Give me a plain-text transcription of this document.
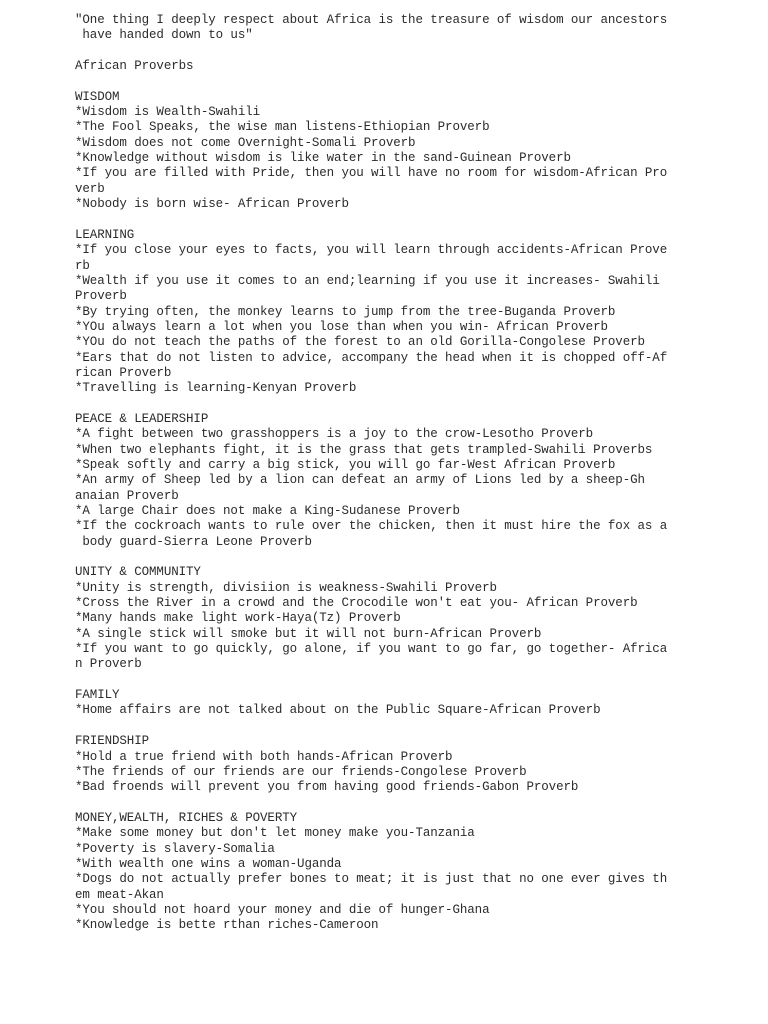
"One thing I deeply respect about Africa is the treasure of wisdom our ancestors
have handed down to us"
African Proverbs
WISDOM
*Wisdom is Wealth-Swahili
*The Fool Speaks, the wise man listens-Ethiopian Proverb
*Wisdom does not come Overnight-Somali Proverb
*Knowledge without wisdom is like water in the sand-Guinean Proverb
*If you are filled with Pride, then you will have no room for wisdom-African Pro
verb
*Nobody is born wise- African Proverb
LEARNING
*If you close your eyes to facts, you will learn through accidents-African Prove
rb
*Wealth if you use it comes to an end;learning if you use it increases- Swahili
Proverb
*By trying often, the monkey learns to jump from the tree-Buganda Proverb
*YOu always learn a lot when you lose than when you win- African Proverb
*YOu do not teach the paths of the forest to an old Gorilla-Congolese Proverb
*Ears that do not listen to advice, accompany the head when it is chopped off-Af
rican Proverb
*Travelling is learning-Kenyan Proverb
PEACE & LEADERSHIP
*A fight between two grasshoppers is a joy to the crow-Lesotho Proverb
*When two elephants fight, it is the grass that gets trampled-Swahili Proverbs
*Speak softly and carry a big stick, you will go far-West African Proverb
*An army of Sheep led by a lion can defeat an army of Lions led by a sheep-Gh
anaian Proverb
*A large Chair does not make a King-Sudanese Proverb
*If the cockroach wants to rule over the chicken, then it must hire the fox as a
body guard-Sierra Leone Proverb
UNITY & COMMUNITY
*Unity is strength, divisiion is weakness-Swahili Proverb
*Cross the River in a crowd and the Crocodile won't eat you- African Proverb
*Many hands make light work-Haya(Tz) Proverb
*A single stick will smoke but it will not burn-African Proverb
*If you want to go quickly, go alone, if you want to go far, go together- Africa
n Proverb
FAMILY
*Home affairs are not talked about on the Public Square-African Proverb
FRIENDSHIP
*Hold a true friend with both hands-African Proverb
*The friends of our friends are our friends-Congolese Proverb
*Bad froends will prevent you from having good friends-Gabon Proverb
MONEY,WEALTH, RICHES & POVERTY
*Make some money but don't let money make you-Tanzania
*Poverty is slavery-Somalia
*With wealth one wins a woman-Uganda
*Dogs do not actually prefer bones to meat; it is just that no one ever gives th
em meat-Akan
*You should not hoard your money and die of hunger-Ghana
*Knowledge is bette rthan riches-Cameroon
